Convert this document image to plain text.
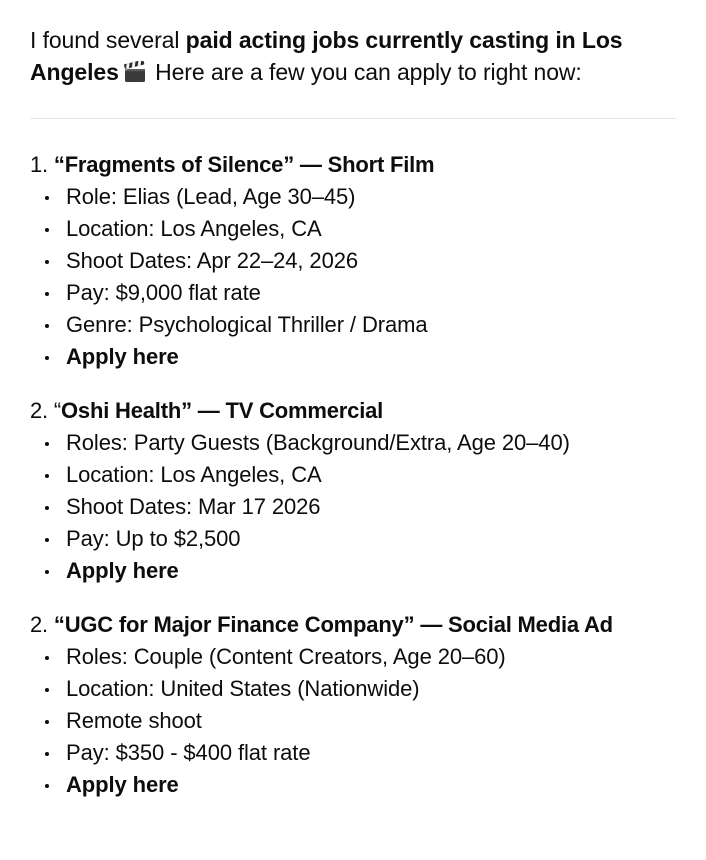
I found several paid acting jobs currently casting in Los Angeles Here are a few you can apply to right now:

1. “Fragments of Silence” — Short Film

Role: Elias (Lead, Age 30–45)
Location: Los Angeles, CA
Shoot Dates: Apr 22–24, 2026
Pay: $9,000 flat rate
Genre: Psychological Thriller / Drama
Apply here

2. “Oshi Health” — TV Commercial

Roles: Party Guests (Background/Extra, Age 20–40)
Location: Los Angeles, CA
Shoot Dates: Mar 17 2026
Pay: Up to $2,500
Apply here

2. “UGC for Major Finance Company” — Social Media Ad

Roles: Couple (Content Creators, Age 20–60)
Location: United States (Nationwide)
Remote shoot
Pay: $350 - $400 flat rate
Apply here
